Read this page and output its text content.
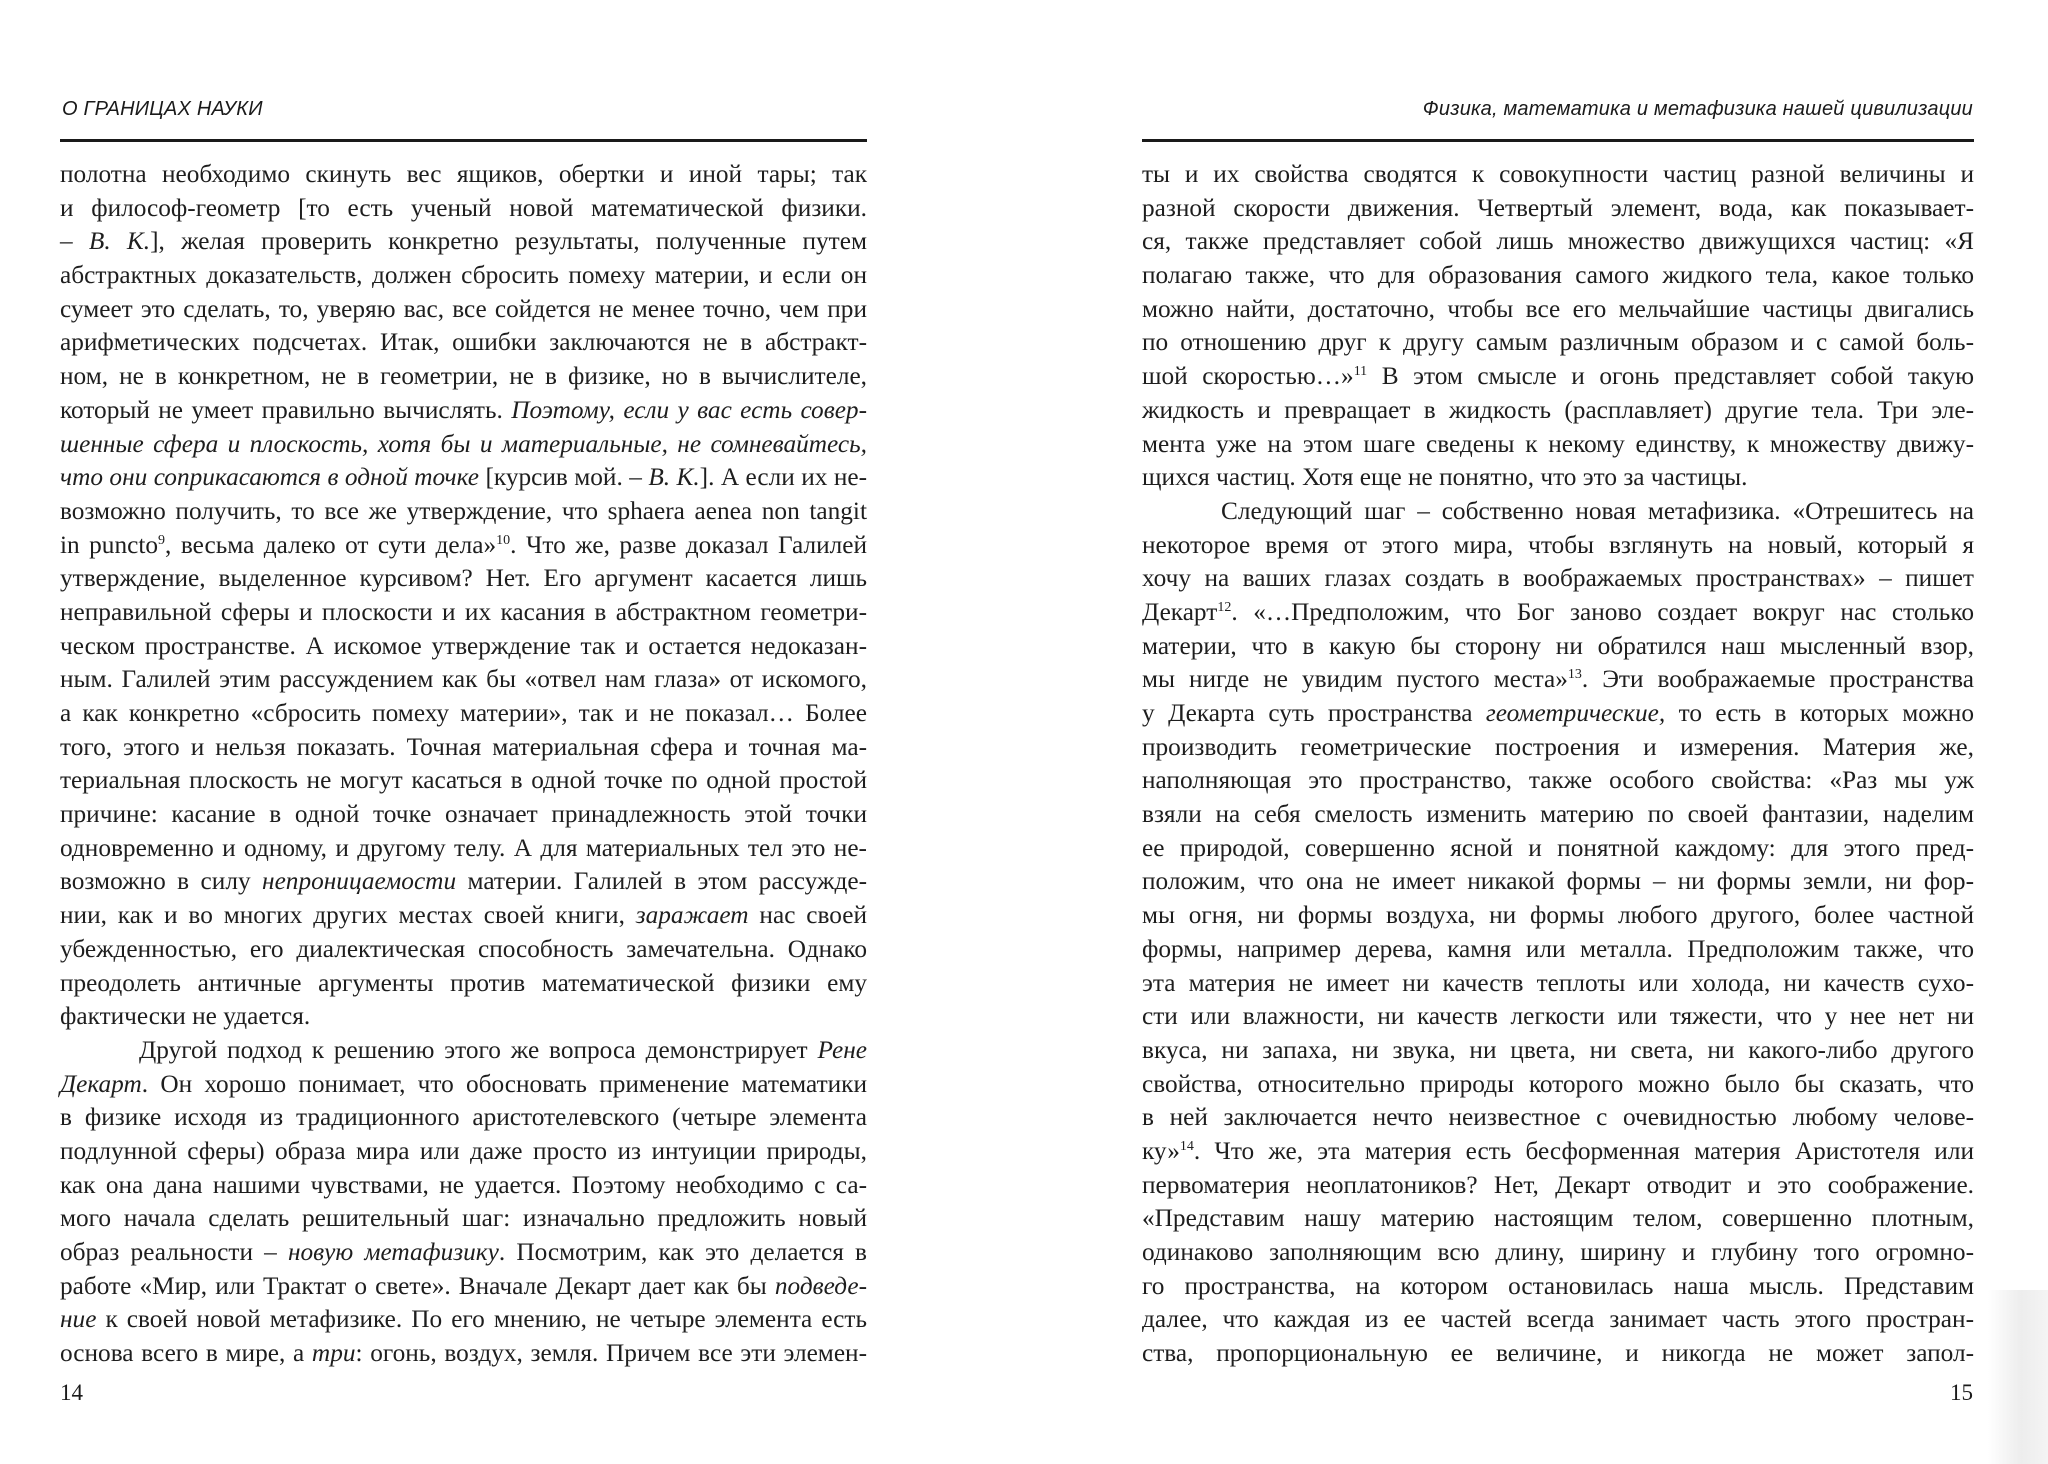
О ГРАНИЦАХ НАУКИ
полотна необходимо скинуть вес ящиков, обертки и иной тары; так
и философ-геометр [то есть ученый новой математической физики.
– В. К.], желая проверить конкретно результаты, полученные путем
абстрактных доказательств, должен сбросить помеху материи, и если он
сумеет это сделать, то, уверяю вас, все сойдется не менее точно, чем при
арифметических подсчетах. Итак, ошибки заключаются не в абстракт-
ном, не в конкретном, не в геометрии, не в физике, но в вычислителе,
который не умеет правильно вычислять. Поэтому, если у вас есть совер-
шенные сфера и плоскость, хотя бы и материальные, не сомневайтесь,
что они соприкасаются в одной точке [курсив мой. – В. К.]. А если их не-
возможно получить, то все же утверждение, что sphaera aenea non tangit
in puncto$^9$, весьма далеко от сути дела»$^{10}$. Что же, разве доказал Галилей
утверждение, выделенное курсивом? Нет. Его аргумент касается лишь
неправильной сферы и плоскости и их касания в абстрактном геометри-
ческом пространстве. А искомое утверждение так и остается недоказан-
ным. Галилей этим рассуждением как бы «отвел нам глаза» от искомого,
а как конкретно «сбросить помеху материи», так и не показал… Более
того, этого и нельзя показать. Точная материальная сфера и точная ма-
териальная плоскость не могут касаться в одной точке по одной простой
причине: касание в одной точке означает принадлежность этой точки
одновременно и одному, и другому телу. А для материальных тел это не-
возможно в силу непроницаемости материи. Галилей в этом рассужде-
нии, как и во многих других местах своей книги, заражает нас своей
убежденностью, его диалектическая способность замечательна. Однако
преодолеть античные аргументы против математической физики ему
фактически не удается.
Другой подход к решению этого же вопроса демонстрирует Рене
Декарт. Он хорошо понимает, что обосновать применение математики
в физике исходя из традиционного аристотелевского (четыре элемента
подлунной сферы) образа мира или даже просто из интуиции природы,
как она дана нашими чувствами, не удается. Поэтому необходимо с са-
мого начала сделать решительный шаг: изначально предложить новый
образ реальности – новую метафизику. Посмотрим, как это делается в
работе «Мир, или Трактат о свете». Вначале Декарт дает как бы подведе-
ние к своей новой метафизике. По его мнению, не четыре элемента есть
основа всего в мире, а три: огонь, воздух, земля. Причем все эти элемен-
14
Физика, математика и метафизика нашей цивилизации
ты и их свойства сводятся к совокупности частиц разной величины и
разной скорости движения. Четвертый элемент, вода, как показывает-
ся, также представляет собой лишь множество движущихся частиц: «Я
полагаю также, что для образования самого жидкого тела, какое только
можно найти, достаточно, чтобы все его мельчайшие частицы двигались
по отношению друг к другу самым различным образом и с самой боль-
шой скоростью…»$^{11}$ В этом смысле и огонь представляет собой такую
жидкость и превращает в жидкость (расплавляет) другие тела. Три эле-
мента уже на этом шаге сведены к некому единству, к множеству движу-
щихся частиц. Хотя еще не понятно, что это за частицы.
Следующий шаг – собственно новая метафизика. «Отрешитесь на
некоторое время от этого мира, чтобы взглянуть на новый, который я
хочу на ваших глазах создать в воображаемых пространствах» – пишет
Декарт$^{12}$. «…Предположим, что Бог заново создает вокруг нас столько
материи, что в какую бы сторону ни обратился наш мысленный взор,
мы нигде не увидим пустого места»$^{13}$. Эти воображаемые пространства
у Декарта суть пространства геометрические, то есть в которых можно
производить геометрические построения и измерения. Материя же,
наполняющая это пространство, также особого свойства: «Раз мы уж
взяли на себя смелость изменить материю по своей фантазии, наделим
ее природой, совершенно ясной и понятной каждому: для этого пред-
положим, что она не имеет никакой формы – ни формы земли, ни фор-
мы огня, ни формы воздуха, ни формы любого другого, более частной
формы, например дерева, камня или металла. Предположим также, что
эта материя не имеет ни качеств теплоты или холода, ни качеств сухо-
сти или влажности, ни качеств легкости или тяжести, что у нее нет ни
вкуса, ни запаха, ни звука, ни цвета, ни света, ни какого-либо другого
свойства, относительно природы которого можно было бы сказать, что
в ней заключается нечто неизвестное с очевидностью любому челове-
ку»$^{14}$. Что же, эта материя есть бесформенная материя Аристотеля или
первоматерия неоплатоников? Нет, Декарт отводит и это соображение.
«Представим нашу материю настоящим телом, совершенно плотным,
одинаково заполняющим всю длину, ширину и глубину того огромно-
го пространства, на котором остановилась наша мысль. Представим
далее, что каждая из ее частей всегда занимает часть этого простран-
ства, пропорциональную ее величине, и никогда не может запол-
15
